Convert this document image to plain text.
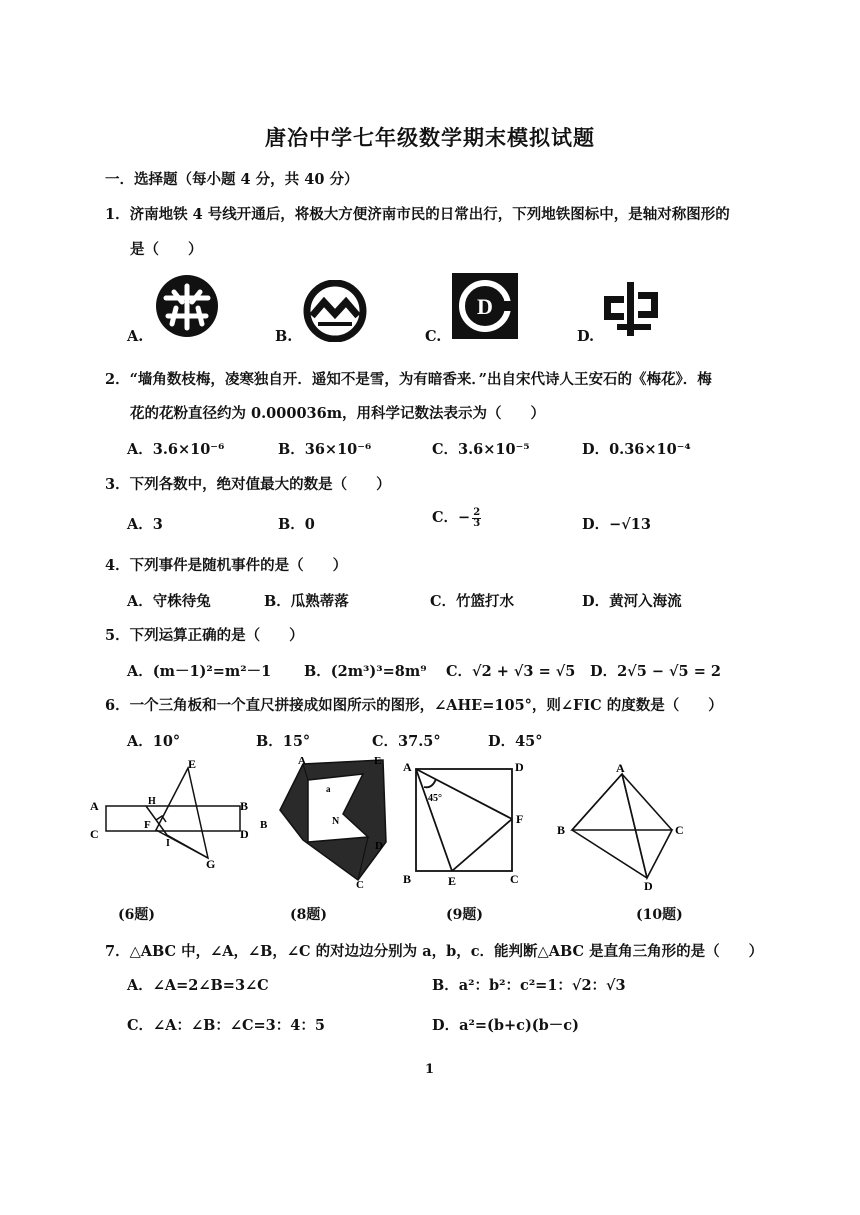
唐冶中学七年级数学期末模拟试题
一．选择题（每小题 4 分，共 40 分）
1．济南地铁 4 号线开通后，将极大方便济南市民的日常出行，下列地铁图标中，是轴对称图形的
是（　　）
A.	B.	C.
D
D.
2．“墙角数枝梅，凌寒独自开．遥知不是雪，为有暗香来．”出自宋代诗人王安石的《梅花》．梅
花的花粉直径约为 0.000036m，用科学记数法表示为（　　）
A．3.6×10⁻⁶	B．36×10⁻⁶	C．3.6×10⁻⁵	D．0.36×10⁻⁴
3．下列各数中，绝对值最大的数是（　　）
A．3	B．0	C．− $\frac{2}{3}$	D．−√13
4．下列事件是随机事件的是（　　）
A．守株待兔	B．瓜熟蒂落	C．竹篮打水	D．黄河入海流
5．下列运算正确的是（　　）
A．(m－1)²=m²－1 B．(2m³)³=8m⁹ C．√2 + √3 = √5 D．2√5 − √5 = 2
6．一个三角板和一个直尺拼接成如图所示的图形，∠AHE=105°，则∠FIC 的度数是（　　）
A．10°	B．15°	C．37.5°	D．45°
A	B
C	D
E
F
G
H
I
A
B
C
D
E
N
a
A
B	C
D
E
F
45°
A
B	C
D
(6题)	(8题)	(9题)	(10题)
7．△ABC 中，∠A，∠B，∠C 的对边边分别为 a，b，c．能判断△ABC 是直角三角形的是（　　）
A．∠A=2∠B=3∠C	B．a²：b²：c²=1：√2：√3
C．∠A：∠B：∠C=3：4：5	D．a²=(b+c)(b－c)
1
